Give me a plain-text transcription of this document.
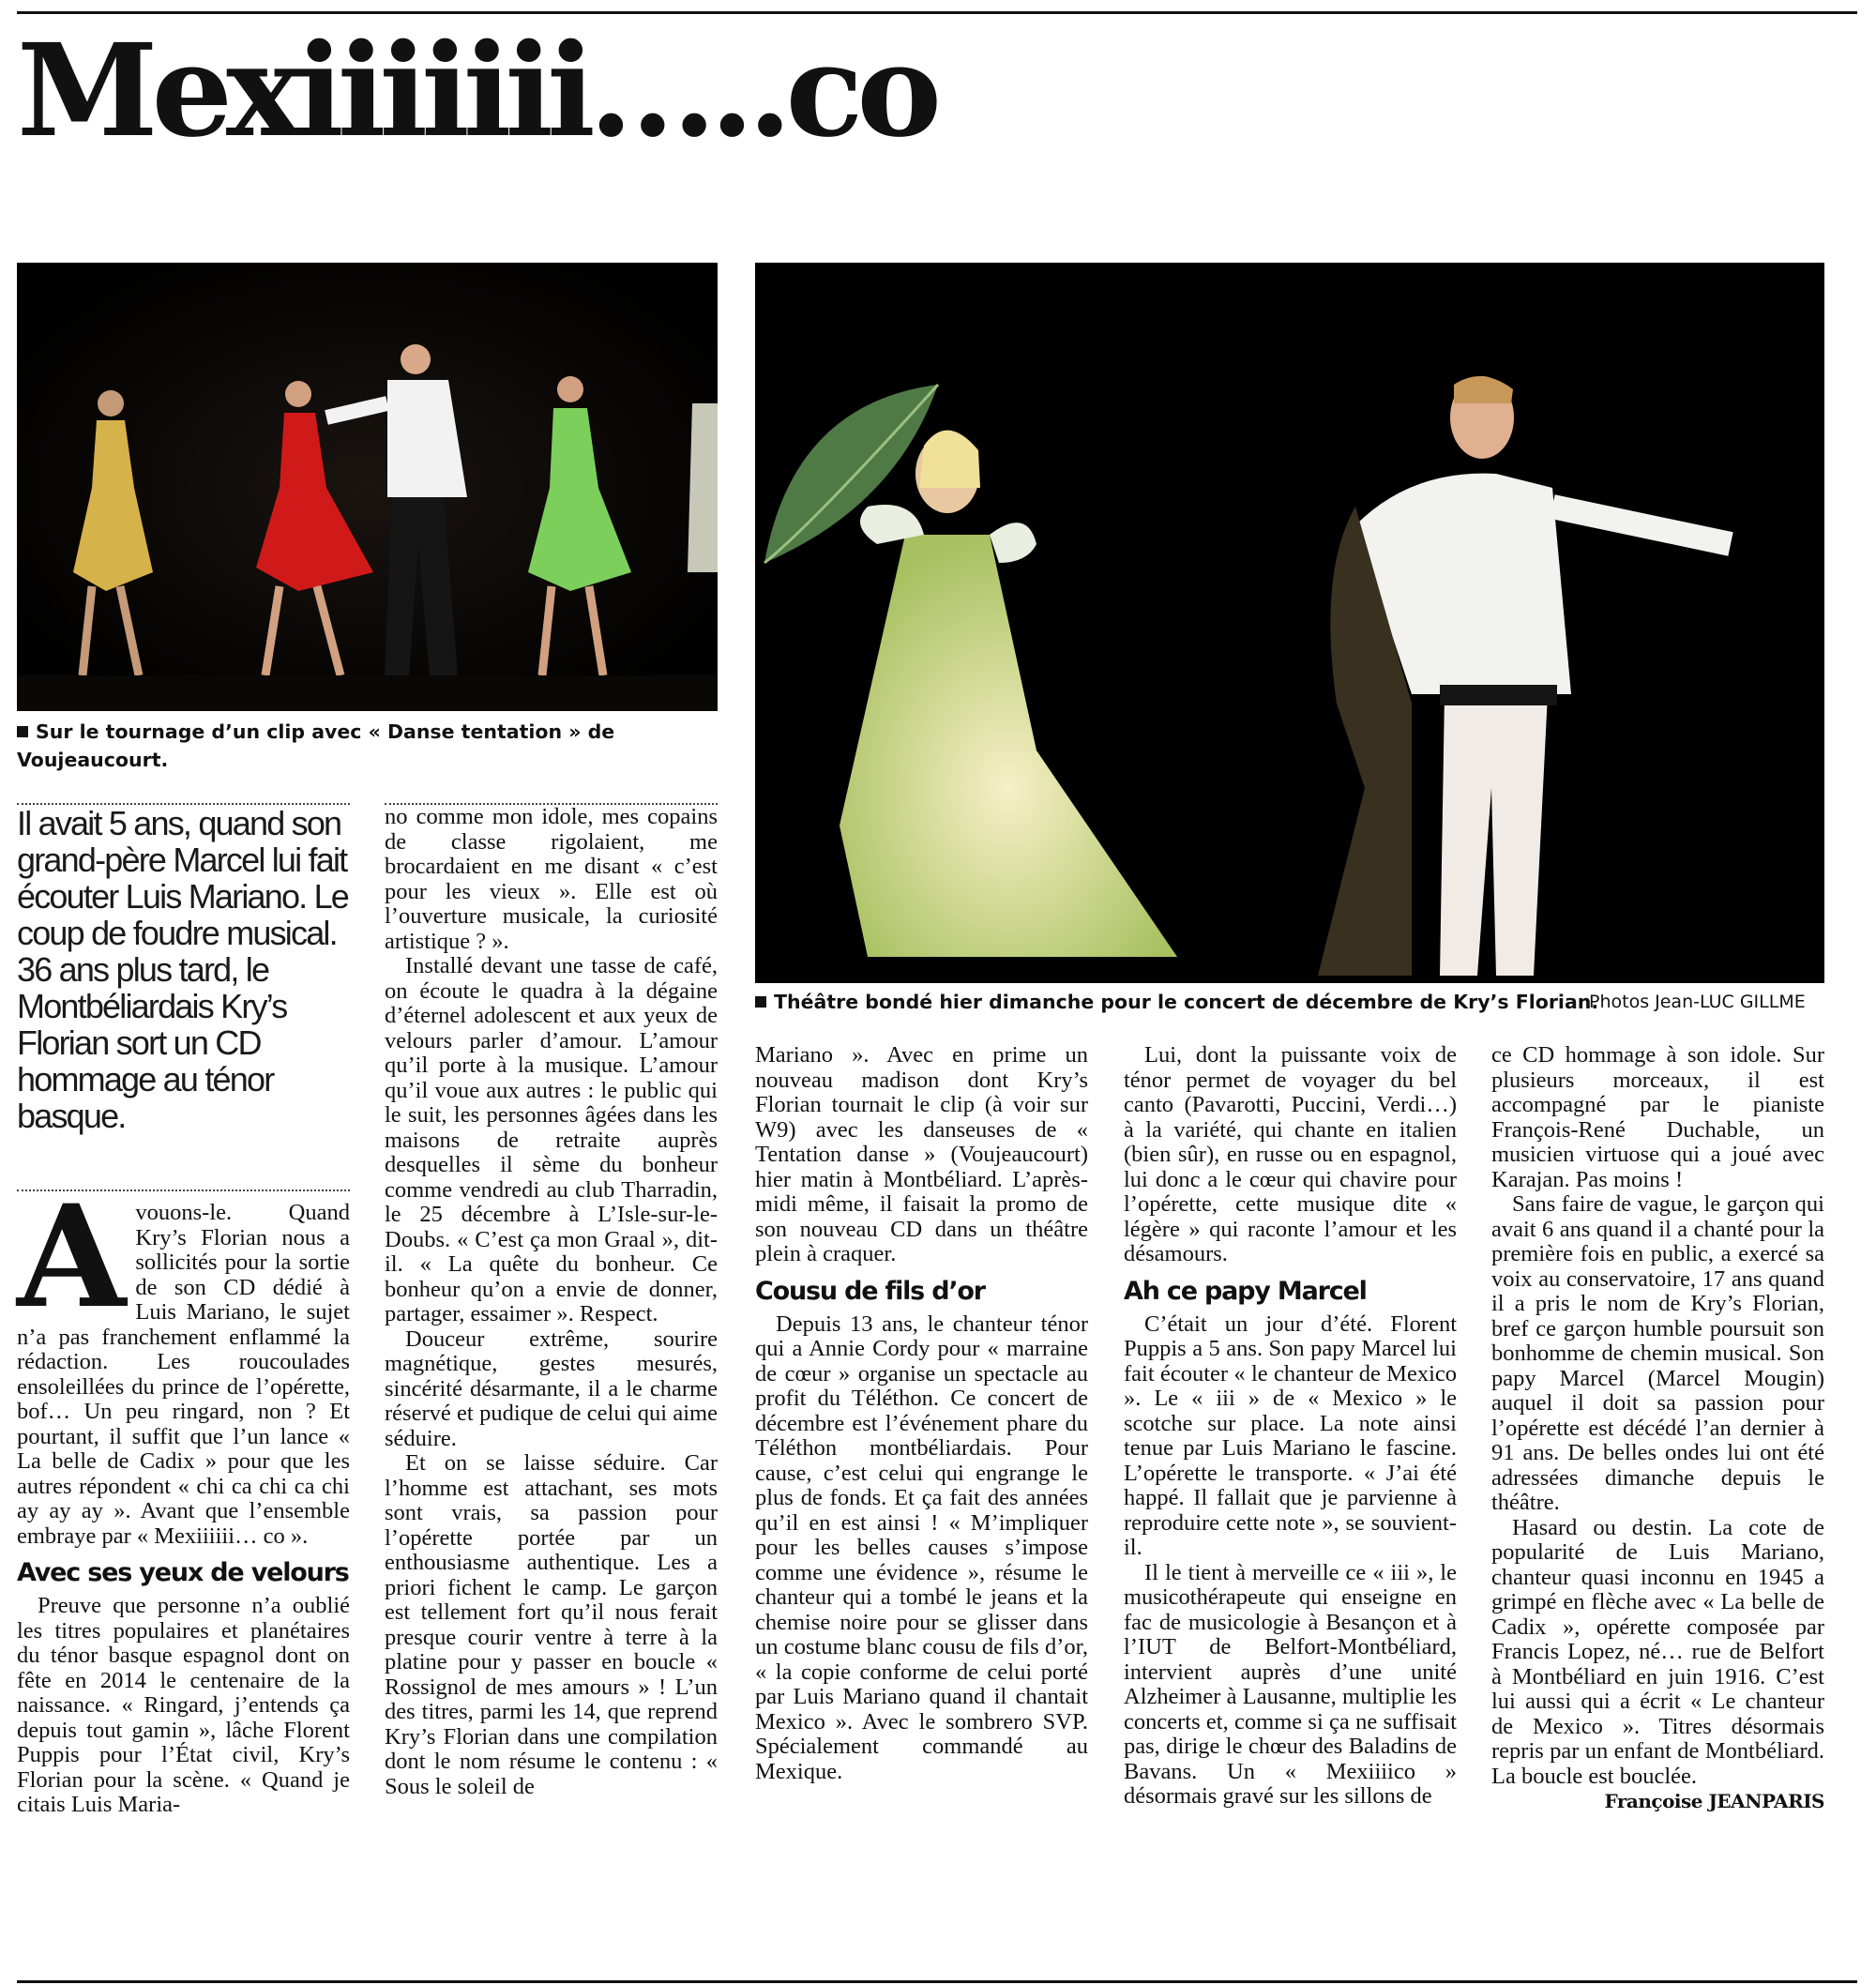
Mexiiiiiii…..co
Sur le tournage d’un clip avec « Danse tentation » de Voujeaucourt.
Théâtre bondé hier dimanche pour le concert de décembre de Kry’s Florian.
Photos Jean-LUC GILLME
Il avait 5 ans, quand son grand-père Marcel lui fait écouter Luis Mariano. Le coup de foudre musical. 36 ans plus tard, le Montbéliardais Kry’s Florian sort un CD hommage au ténor basque.

Avouons-le. Quand Kry’s Florian nous a sollicités pour la sortie de son CD dédié à Luis Mariano, le sujet n’a pas franchement enflammé la rédaction. Les roucoulades ensoleillées du prince de l’opérette, bof… Un peu ringard, non ? Et pourtant, il suffit que l’un lance « La belle de Cadix » pour que les autres répondent « chi ca chi ca chi ay ay ay ». Avant que l’ensemble embraye par « Mexiiiiii… co ».

Avec ses yeux de velours

Preuve que personne n’a oublié les titres populaires et planétaires du ténor basque espagnol dont on fête en 2014 le centenaire de la naissance. « Ringard, j’entends ça depuis tout gamin », lâche Florent Puppis pour l’État civil, Kry’s Florian pour la scène. « Quand je citais Luis Maria-

no comme mon idole, mes copains de classe rigolaient, me brocardaient en me disant « c’est pour les vieux ». Elle est où l’ouverture musicale, la curiosité artistique ? ».

Installé devant une tasse de café, on écoute le quadra à la dégaine d’éternel adolescent et aux yeux de velours parler d’amour. L’amour qu’il porte à la musique. L’amour qu’il voue aux autres : le public qui le suit, les personnes âgées dans les maisons de retraite auprès desquelles il sème du bonheur comme vendredi au club Tharradin, le 25 décembre à L’Isle-sur-le-Doubs. « C’est ça mon Graal », dit-il. « La quête du bonheur. Ce bonheur qu’on a envie de donner, partager, essaimer ». Respect.

Douceur extrême, sourire magnétique, gestes mesurés, sincérité désarmante, il a le charme réservé et pudique de celui qui aime séduire.

Et on se laisse séduire. Car l’homme est attachant, ses mots sont vrais, sa passion pour l’opérette portée par un enthousiasme authentique. Les a priori fichent le camp. Le garçon est tellement fort qu’il nous ferait presque courir ventre à terre à la platine pour y passer en boucle « Rossignol de mes amours » ! L’un des titres, parmi les 14, que reprend Kry’s Florian dans une compilation dont le nom résume le contenu : « Sous le soleil de

Mariano ». Avec en prime un nouveau madison dont Kry’s Florian tournait le clip (à voir sur W9) avec les danseuses de « Tentation danse » (Voujeaucourt) hier matin à Montbéliard. L’après-midi même, il faisait la promo de son nouveau CD dans un théâtre plein à craquer.

Cousu de fils d’or

Depuis 13 ans, le chanteur ténor qui a Annie Cordy pour « marraine de cœur » organise un spectacle au profit du Téléthon. Ce concert de décembre est l’événement phare du Téléthon montbéliardais. Pour cause, c’est celui qui engrange le plus de fonds. Et ça fait des années qu’il en est ainsi ! « M’impliquer pour les belles causes s’impose comme une évidence », résume le chanteur qui a tombé le jeans et la chemise noire pour se glisser dans un costume blanc cousu de fils d’or, « la copie conforme de celui porté par Luis Mariano quand il chantait Mexico ». Avec le sombrero SVP. Spécialement commandé au Mexique.

Lui, dont la puissante voix de ténor permet de voyager du bel canto (Pavarotti, Puccini, Verdi…) à la variété, qui chante en italien (bien sûr), en russe ou en espagnol, lui donc a le cœur qui chavire pour l’opérette, cette musique dite « légère » qui raconte l’amour et les désamours.

Ah ce papy Marcel

C’était un jour d’été. Florent Puppis a 5 ans. Son papy Marcel lui fait écouter « le chanteur de Mexico ». Le « iii » de « Mexico » le scotche sur place. La note ainsi tenue par Luis Mariano le fascine. L’opérette le transporte. « J’ai été happé. Il fallait que je parvienne à reproduire cette note », se souvient-il.

Il le tient à merveille ce « iii », le musicothérapeute qui enseigne en fac de musicologie à Besançon et à l’IUT de Belfort-Montbéliard, intervient auprès d’une unité Alzheimer à Lausanne, multiplie les concerts et, comme si ça ne suffisait pas, dirige le chœur des Baladins de Bavans. Un « Mexiiiico » désormais gravé sur les sillons de

ce CD hommage à son idole. Sur plusieurs morceaux, il est accompagné par le pianiste François-René Duchable, un musicien virtuose qui a joué avec Karajan. Pas moins !

Sans faire de vague, le garçon qui avait 6 ans quand il a chanté pour la première fois en public, a exercé sa voix au conservatoire, 17 ans quand il a pris le nom de Kry’s Florian, bref ce garçon humble poursuit son bonhomme de chemin musical. Son papy Marcel (Marcel Mougin) auquel il doit sa passion pour l’opérette est décédé l’an dernier à 91 ans. De belles ondes lui ont été adressées dimanche depuis le théâtre.

Hasard ou destin. La cote de popularité de Luis Mariano, chanteur quasi inconnu en 1945 a grimpé en flèche avec « La belle de Cadix », opérette composée par Francis Lopez, né… rue de Belfort à Montbéliard en juin 1916. C’est lui aussi qui a écrit « Le chanteur de Mexico ». Titres désormais repris par un enfant de Montbéliard. La boucle est bouclée.

Françoise JEANPARIS
